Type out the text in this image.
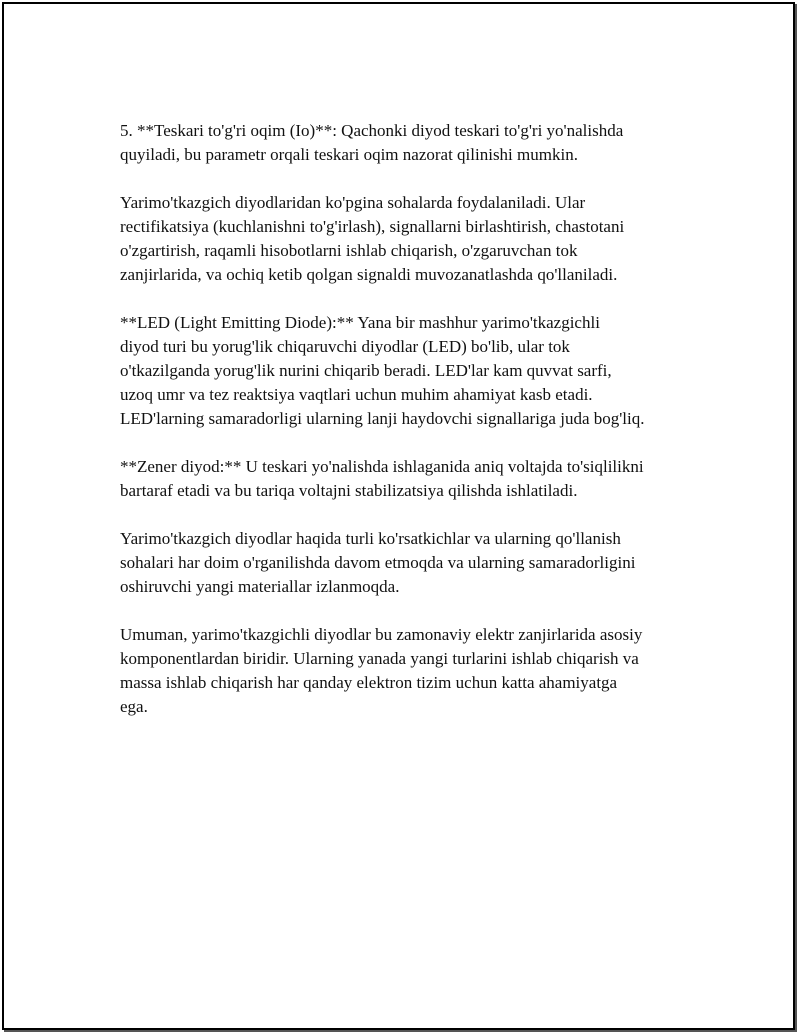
5. **Teskari to'g'ri oqim (Io)**: Qachonki diyod teskari to'g'ri yo'nalishda
quyiladi, bu parametr orqali teskari oqim nazorat qilinishi mumkin.

Yarimo'tkazgich diyodlaridan ko'pgina sohalarda foydalaniladi. Ular
rectifikatsiya (kuchlanishni to'g'irlash), signallarni birlashtirish, chastotani
o'zgartirish, raqamli hisobotlarni ishlab chiqarish, o'zgaruvchan tok
zanjirlarida, va ochiq ketib qolgan signaldi muvozanatlashda qo'llaniladi.

**LED (Light Emitting Diode):** Yana bir mashhur yarimo'tkazgichli
diyod turi bu yorug'lik chiqaruvchi diyodlar (LED) bo'lib, ular tok
o'tkazilganda yorug'lik nurini chiqarib beradi. LED'lar kam quvvat sarfi,
uzoq umr va tez reaktsiya vaqtlari uchun muhim ahamiyat kasb etadi.
LED'larning samaradorligi ularning lanji haydovchi signallariga juda bog'liq.

**Zener diyod:** U teskari yo'nalishda ishlaganida aniq voltajda to'siqlilikni
bartaraf etadi va bu tariqa voltajni stabilizatsiya qilishda ishlatiladi.

Yarimo'tkazgich diyodlar haqida turli ko'rsatkichlar va ularning qo'llanish
sohalari har doim o'rganilishda davom etmoqda va ularning samaradorligini
oshiruvchi yangi materiallar izlanmoqda.

Umuman, yarimo'tkazgichli diyodlar bu zamonaviy elektr zanjirlarida asosiy
komponentlardan biridir. Ularning yanada yangi turlarini ishlab chiqarish va
massa ishlab chiqarish har qanday elektron tizim uchun katta ahamiyatga
ega.
